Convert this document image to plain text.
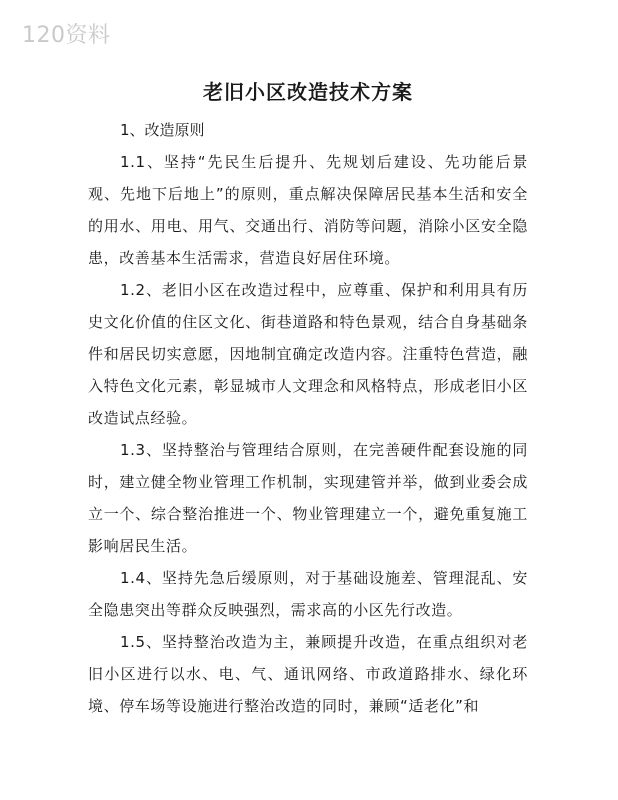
120资料
老旧小区改造技术方案

1、改造原则

1.1、坚持“先民生后提升、先规划后建设、先功能后景观、先地下后地上”的原则，重点解决保障居民基本生活和安全的用水、用电、用气、交通出行、消防等问题，消除小区安全隐患，改善基本生活需求，营造良好居住环境。

1.2、老旧小区在改造过程中，应尊重、保护和利用具有历史文化价值的住区文化、街巷道路和特色景观，结合自身基础条件和居民切实意愿，因地制宜确定改造内容。注重特色营造，融入特色文化元素，彰显城市人文理念和风格特点，形成老旧小区改造试点经验。

1.3、坚持整治与管理结合原则，在完善硬件配套设施的同时，建立健全物业管理工作机制，实现建管并举，做到业委会成立一个、综合整治推进一个、物业管理建立一个，避免重复施工影响居民生活。

1.4、坚持先急后缓原则，对于基础设施差、管理混乱、安全隐患突出等群众反映强烈，需求高的小区先行改造。

1.5、坚持整治改造为主，兼顾提升改造，在重点组织对老旧小区进行以水、电、气、通讯网络、市政道路排水、绿化环境、停车场等设施进行整治改造的同时，兼顾“适老化”和
